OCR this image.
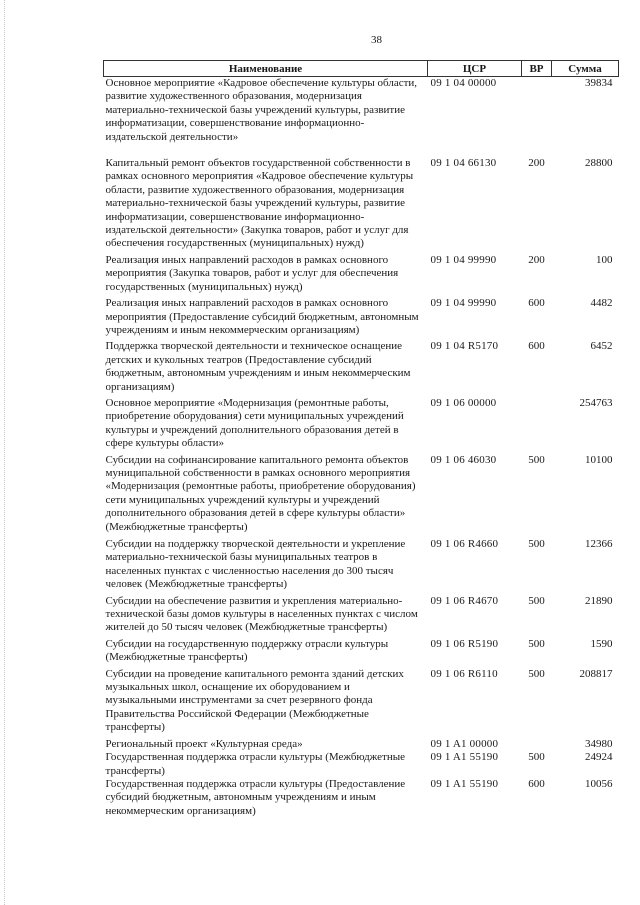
38
Наименование	ЦСР	ВР	Сумма
Основное мероприятие «Кадровое обеспечение культуры области, развитие художественного образования, модернизация материально-технической базы учреждений культуры, развитие информатизации, совершенствование информационно-издательской деятельности»	09 1 04 00000		39834
Капитальный ремонт объектов государственной собственности в рамках основного мероприятия «Кадровое обеспечение культуры области, развитие художественного образования, модернизация материально-технической базы учреждений культуры, развитие информатизации, совершенствование информационно-издательской деятельности» (Закупка товаров, работ и услуг для обеспечения государственных (муниципальных) нужд)	09 1 04 66130	200	28800
Реализация иных направлений расходов в рамках основного мероприятия (Закупка товаров, работ и услуг для обеспечения государственных (муниципальных) нужд)	09 1 04 99990	200	100
Реализация иных направлений расходов в рамках основного мероприятия (Предоставление субсидий бюджетным, автономным учреждениям и иным некоммерческим организациям)	09 1 04 99990	600	4482
Поддержка творческой деятельности и техническое оснащение детских и кукольных театров (Предоставление субсидий бюджетным, автономным учреждениям и иным некоммерческим организациям)	09 1 04 R5170	600	6452
Основное мероприятие «Модернизация (ремонтные работы, приобретение оборудования) сети муниципальных учреждений культуры и учреждений дополнительного образования детей в сфере культуры области»	09 1 06 00000		254763
Субсидии на софинансирование капитального ремонта объектов муниципальной собственности в рамках основного мероприятия «Модернизация (ремонтные работы, приобретение оборудования) сети муниципальных учреждений культуры и учреждений дополнительного образования детей в сфере культуры области» (Межбюджетные трансферты)	09 1 06 46030	500	10100
Субсидии на поддержку творческой деятельности и укрепление материально-технической базы муниципальных театров в населенных пунктах с численностью населения до 300 тысяч человек (Межбюджетные трансферты)	09 1 06 R4660	500	12366
Субсидии на обеспечение развития и укрепления материально-технической базы домов культуры в населенных пунктах с числом жителей до 50 тысяч человек (Межбюджетные трансферты)	09 1 06 R4670	500	21890
Субсидии на государственную поддержку отрасли культуры (Межбюджетные трансферты)	09 1 06 R5190	500	1590
Субсидии на проведение капитального ремонта зданий детских музыкальных школ, оснащение их оборудованием и музыкальными инструментами за счет резервного фонда Правительства Российской Федерации (Межбюджетные трансферты)	09 1 06 R6110	500	208817
Региональный проект «Культурная среда»	09 1 A1 00000		34980
Государственная поддержка отрасли культуры (Межбюджетные трансферты)	09 1 A1 55190	500	24924
Государственная поддержка отрасли культуры (Предоставление субсидий бюджетным, автономным учреждениям и иным некоммерческим организациям)	09 1 A1 55190	600	10056
